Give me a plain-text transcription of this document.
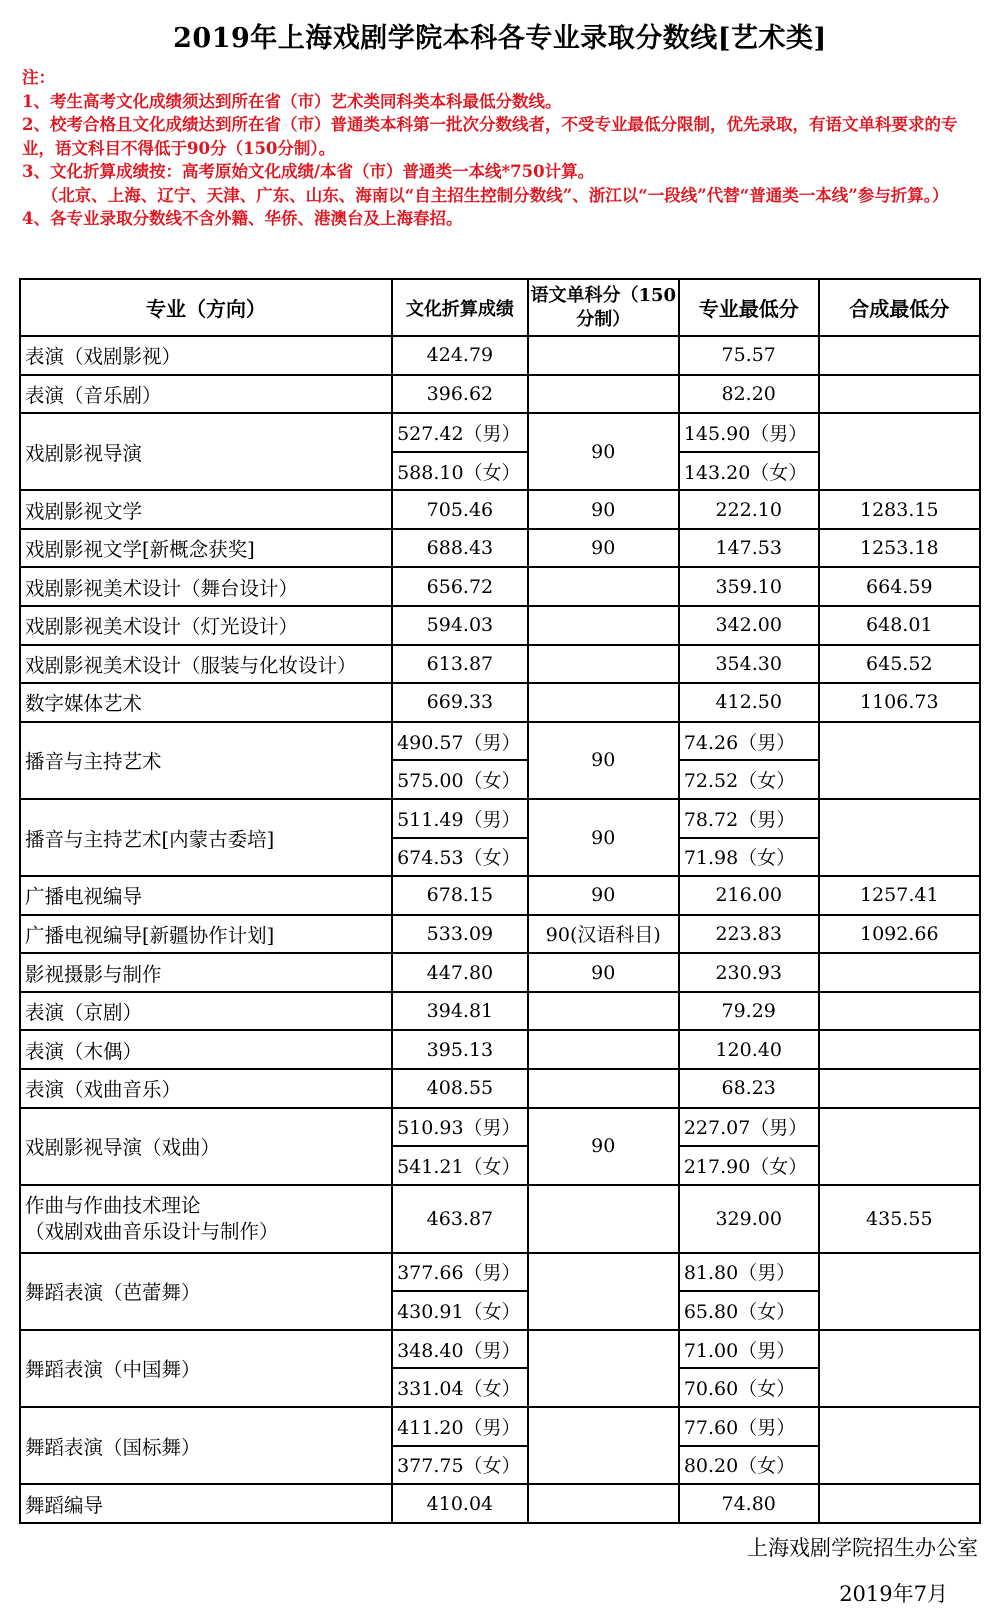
2019年上海戏剧学院本科各专业录取分数线[艺术类]

注：

1、考生高考文化成绩须达到所在省（市）艺术类同科类本科最低分数线。

2、校考合格且文化成绩达到所在省（市）普通类本科第一批次分数线者，不受专业最低分限制，优先录取，有语文单科要求的专业，语文科目不得低于90分（150分制）。

3、文化折算成绩按：高考原始文化成绩/本省（市）普通类一本线*750计算。

（北京、上海、辽宁、天津、广东、山东、海南以“自主招生控制分数线”、浙江以“一段线”代替“普通类一本线”参与折算。）

4、各专业录取分数线不含外籍、华侨、港澳台及上海春招。

专业（方向）	文化折算成绩	语文单科分（150分制）	专业最低分	合成最低分
表演（戏剧影视）	424.79		75.57	
表演（音乐剧）	396.62		82.20	
戏剧影视导演	527.42（男）	90	145.90（男）	
	588.10（女）		143.20（女）	
戏剧影视文学	705.46	90	222.10	1283.15
戏剧影视文学[新概念获奖]	688.43	90	147.53	1253.18
戏剧影视美术设计（舞台设计）	656.72		359.10	664.59
戏剧影视美术设计（灯光设计）	594.03		342.00	648.01
戏剧影视美术设计（服装与化妆设计）	613.87		354.30	645.52
数字媒体艺术	669.33		412.50	1106.73
播音与主持艺术	490.57（男）	90	74.26（男）	
	575.00（女）		72.52（女）	
播音与主持艺术[内蒙古委培]	511.49（男）	90	78.72（男）	
	674.53（女）		71.98（女）	
广播电视编导	678.15	90	216.00	1257.41
广播电视编导[新疆协作计划]	533.09	90(汉语科目)	223.83	1092.66
影视摄影与制作	447.80	90	230.93	
表演（京剧）	394.81		79.29	
表演（木偶）	395.13		120.40	
表演（戏曲音乐）	408.55		68.23	
戏剧影视导演（戏曲）	510.93（男）	90	227.07（男）	
	541.21（女）		217.90（女）	
作曲与作曲技术理论
（戏剧戏曲音乐设计与制作）	463.87		329.00	435.55
舞蹈表演（芭蕾舞）	377.66（男）		81.80（男）	
	430.91（女）		65.80（女）	
舞蹈表演（中国舞）	348.40（男）		71.00（男）	
	331.04（女）		70.60（女）	
舞蹈表演（国标舞）	411.20（男）		77.60（男）	
	377.75（女）		80.20（女）	
舞蹈编导	410.04		74.80	
上海戏剧学院招生办公室
2019年7月
